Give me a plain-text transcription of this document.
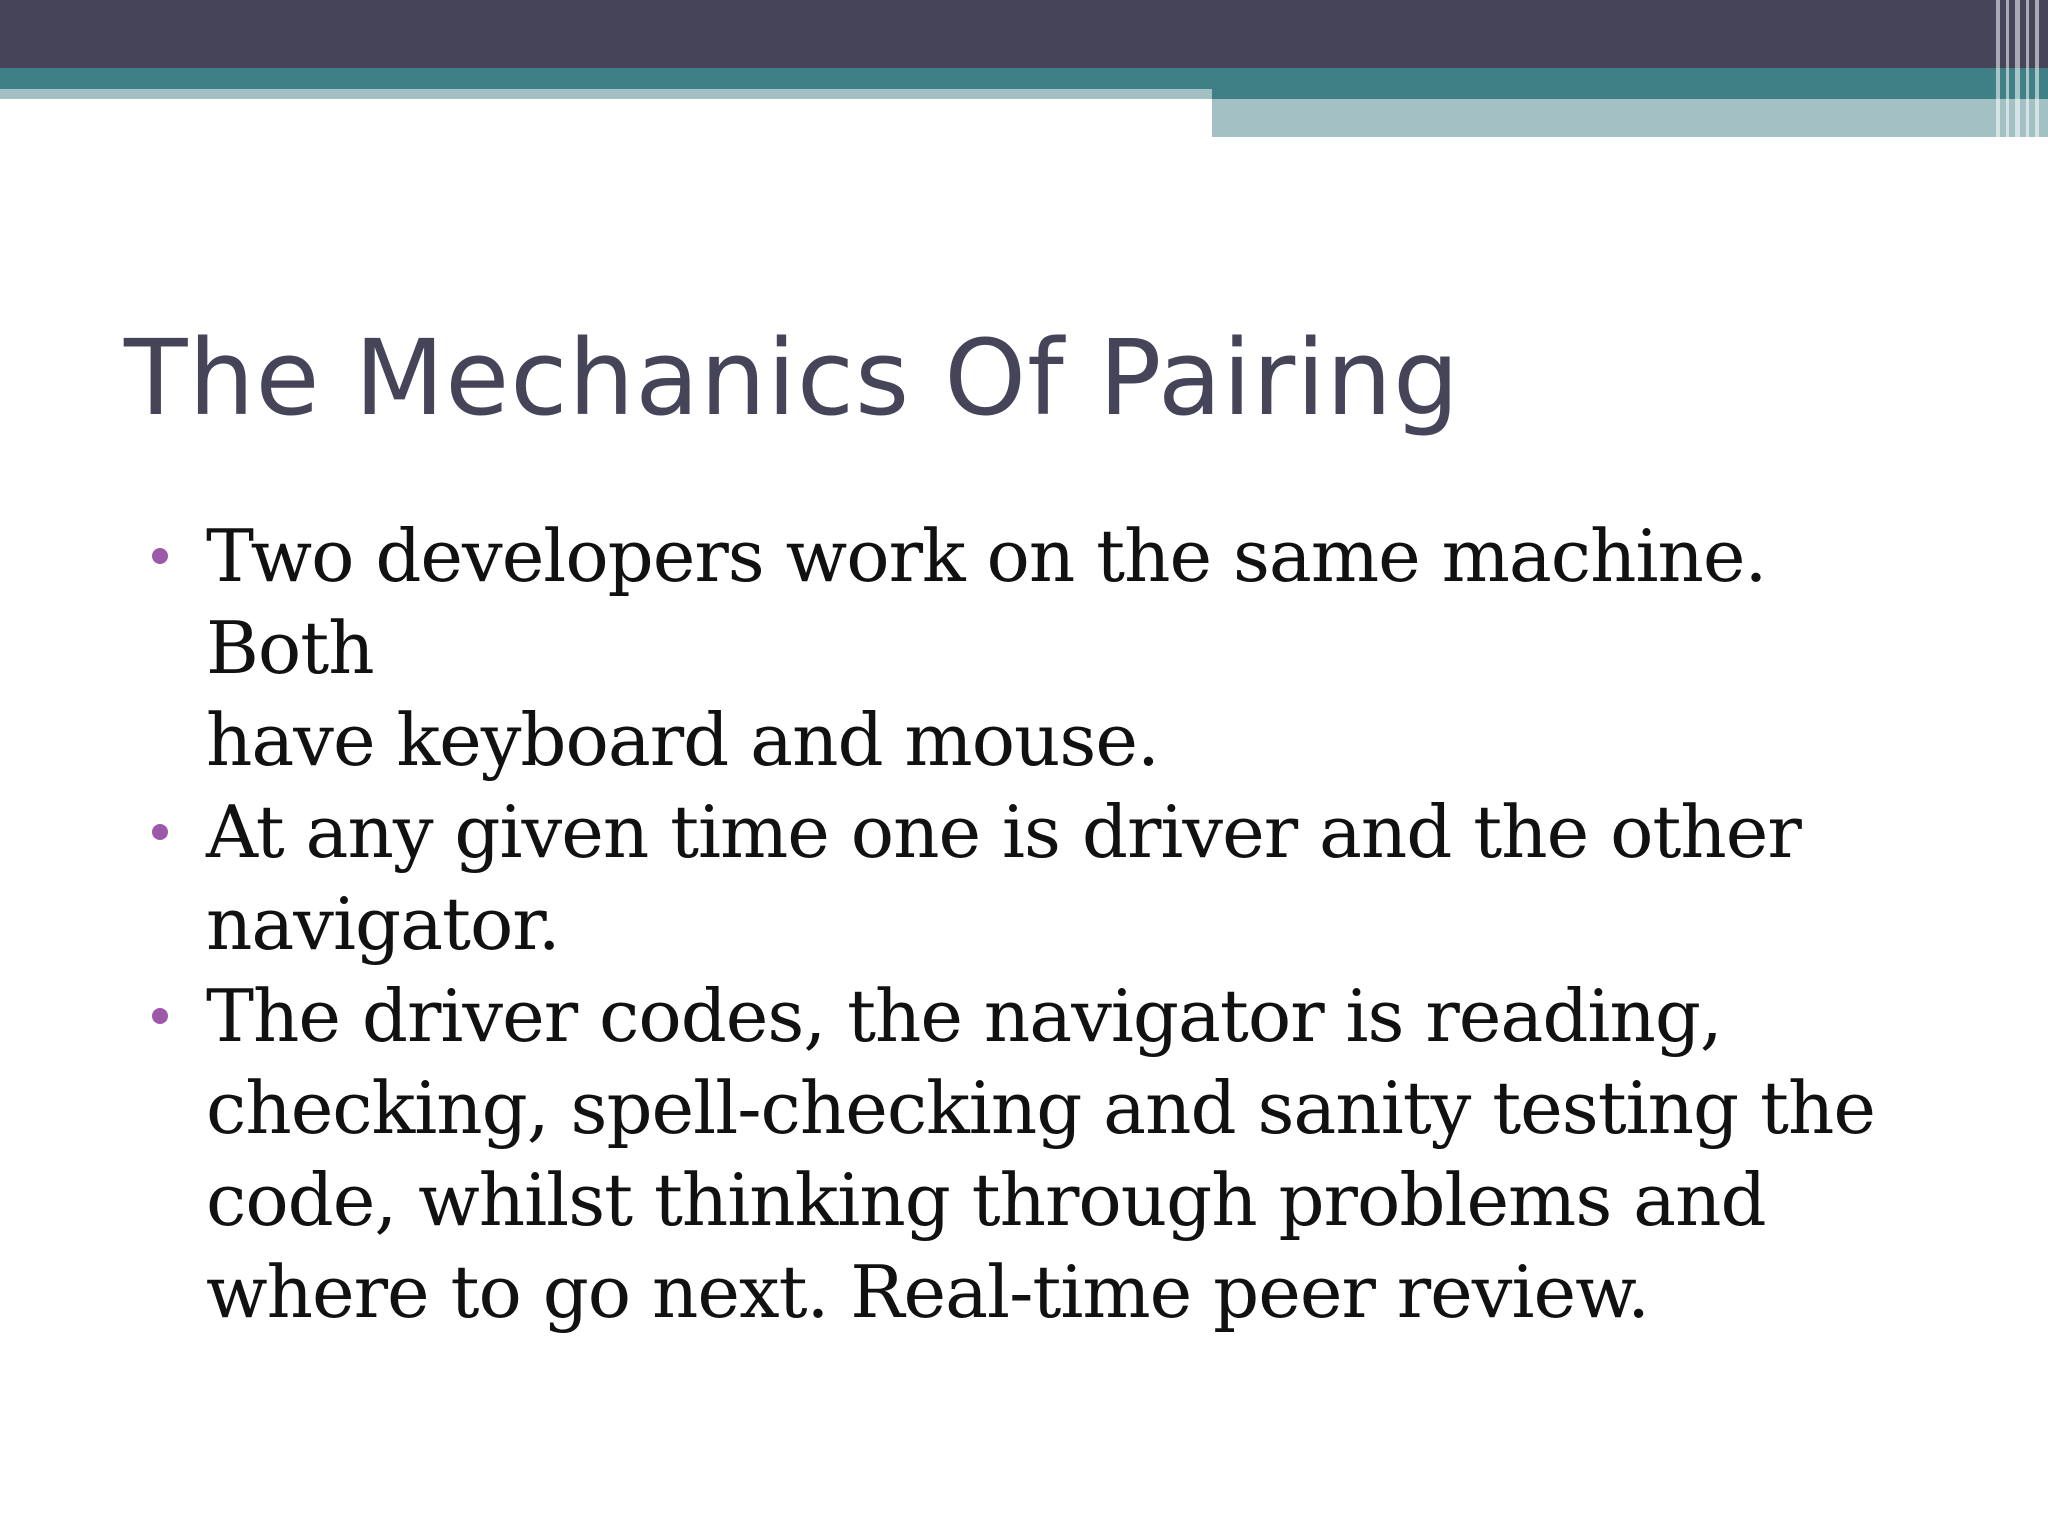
The Mechanics Of Pairing
Two developers work on the same machine. Both
have keyboard and mouse.
At any given time one is driver and the other
navigator.
The driver codes, the navigator is reading,
checking, spell-checking and sanity testing the
code, whilst thinking through problems and
where to go next. Real-time peer review.
